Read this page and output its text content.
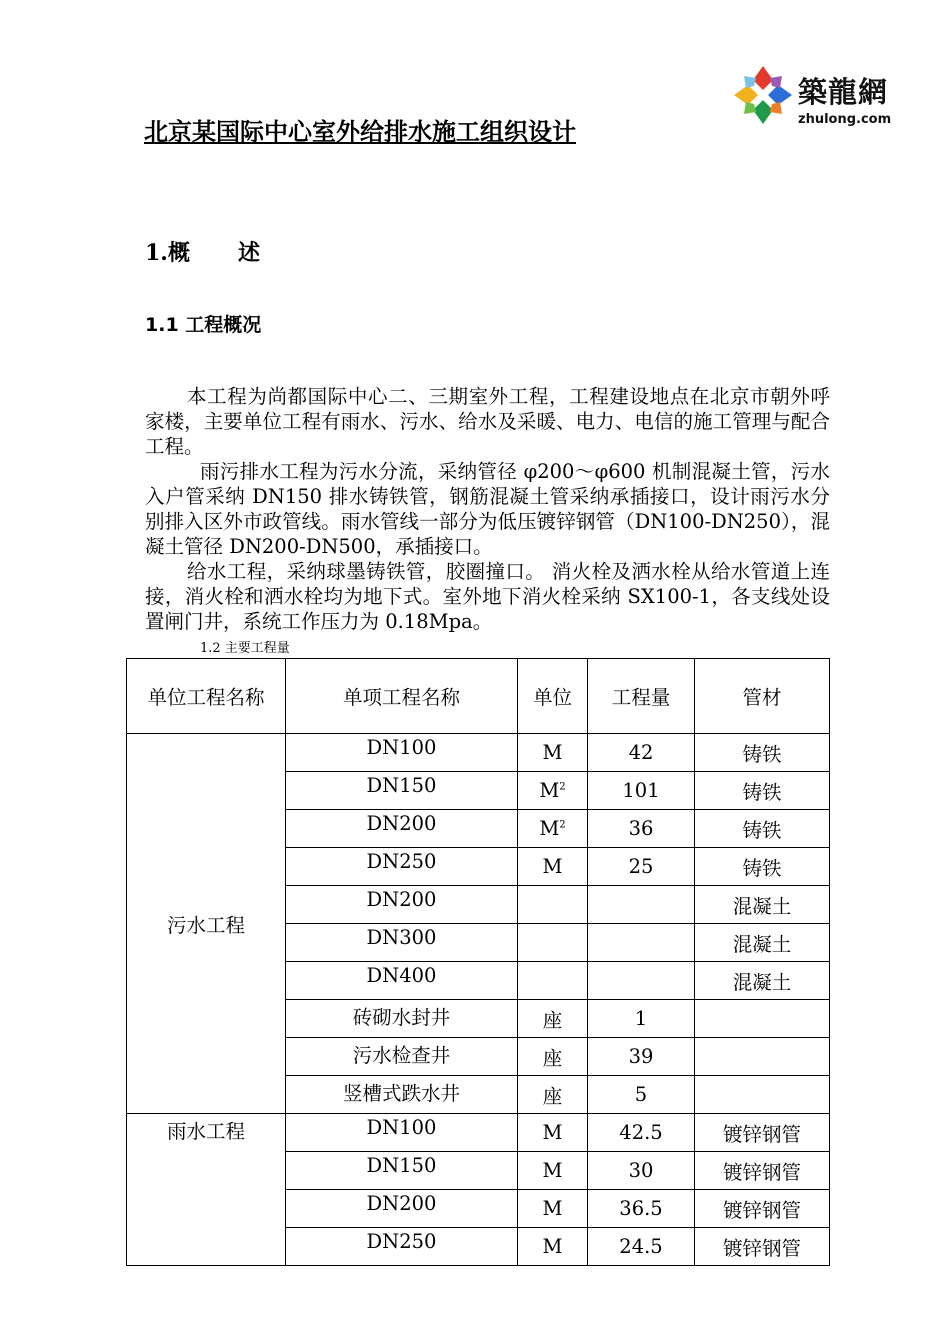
築龍網
zhulong.com
北京某国际中心室外给排水施工组织设计
1.概 述
1.1 工程概况

本工程为尚都国际中心二、三期室外工程，工程建设地点在北京市朝外呼家楼，主要单位工程有雨水、污水、给水及采暖、电力、电信的施工管理与配合工程。

雨污排水工程为污水分流，采纳管径 φ200～φ600 机制混凝土管，污水入户管采纳 DN150 排水铸铁管，钢筋混凝土管采纳承插接口，设计雨污水分别排入区外市政管线。雨水管线一部分为低压镀锌钢管（DN100-DN250），混凝土管径 DN200-DN500，承插接口。

给水工程，采纳球墨铸铁管，胶圈撞口。 消火栓及洒水栓从给水管道上连接，消火栓和洒水栓均为地下式。室外地下消火栓采纳 SX100-1，各支线处设置闸门井，系统工作压力为 0.18Mpa。

1.2 主要工程量
单位工程名称	单项工程名称	单位	工程量	管材
污水工程	DN100	M	42	铸铁
	DN150	$M^2$	101	铸铁
	DN200	$M^2$	36	铸铁
	DN250	M	25	铸铁
	DN200			混凝土
	DN300			混凝土
	DN400			混凝土
	砖砌水封井	座	1	
	污水检查井	座	39	
	竖槽式跌水井	座	5	
雨水工程	DN100	M	42.5	镀锌钢管
	DN150	M	30	镀锌钢管
	DN200	M	36.5	镀锌钢管
	DN250	M	24.5	镀锌钢管
